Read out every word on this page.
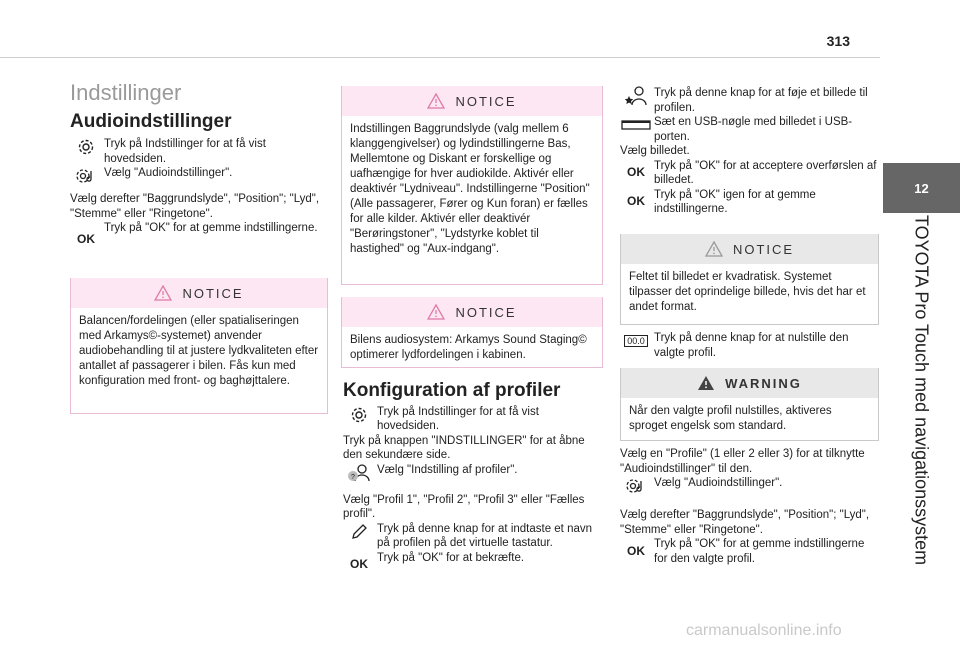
313
12
TOYOTA Pro Touch med navigationssystem
Indstillinger
Audioindstillinger

Tryk på Indstillinger for at få vist hovedsiden.

Vælg "Audioindstillinger".

Vælg derefter "Baggrundslyde", "Position"; "Lyd", "Stemme" eller "Ringetone".

OK

Tryk på "OK" for at gemme indstillingerne.

NOTICE
Balancen/fordelingen (eller spatialiseringen med Arkamys©-systemet) anvender audiobehandling til at justere lydkvaliteten efter antallet af passagerer i bilen. Fås kun med konfiguration med front- og baghøjttalere.
NOTICE
Indstillingen Baggrundslyde (valg mellem 6 klanggengivelser) og lydindstillingerne Bas, Mellemtone og Diskant er forskellige og uafhængige for hver audiokilde. Aktivér eller deaktivér "Lydniveau". Indstillingerne "Position" (Alle passagerer, Fører og Kun foran) er fælles for alle kilder. Aktivér eller deaktivér "Berøringstoner", "Lydstyrke koblet til hastighed" og "Aux-indgang".
NOTICE
Bilens audiosystem: Arkamys Sound Staging© optimerer lydfordelingen i kabinen.
Konfiguration af profiler

Tryk på Indstillinger for at få vist hovedsiden.

Tryk på knappen "INDSTILLINGER" for at åbne den sekundære side.

?

Vælg "Indstilling af profiler".

Vælg "Profil 1", "Profil 2", "Profil 3" eller "Fælles profil".

Tryk på denne knap for at indtaste et navn på profilen på det virtuelle tastatur.

OK Tryk på "OK" for at bekræfte.

Tryk på denne knap for at føje et billede til profilen.

Sæt en USB-nøgle med billedet i USB-porten.

Vælg billedet.

OK Tryk på "OK" for at acceptere overførslen af billedet.

OK Tryk på "OK" igen for at gemme indstillingerne.

NOTICE
Feltet til billedet er kvadratisk. Systemet tilpasser det oprindelige billede, hvis det har et andet format.
00.0 Tryk på denne knap for at nulstille den valgte profil.

WARNING
Når den valgte profil nulstilles, aktiveres sproget engelsk som standard.

Vælg en "Profile" (1 eller 2 eller 3) for at tilknytte "Audioindstillinger" til den.

Vælg "Audioindstillinger".

Vælg derefter "Baggrundslyde", "Position"; "Lyd", "Stemme" eller "Ringetone".

OK Tryk på "OK" for at gemme indstillingerne for den valgte profil.

carmanualsonline.info
